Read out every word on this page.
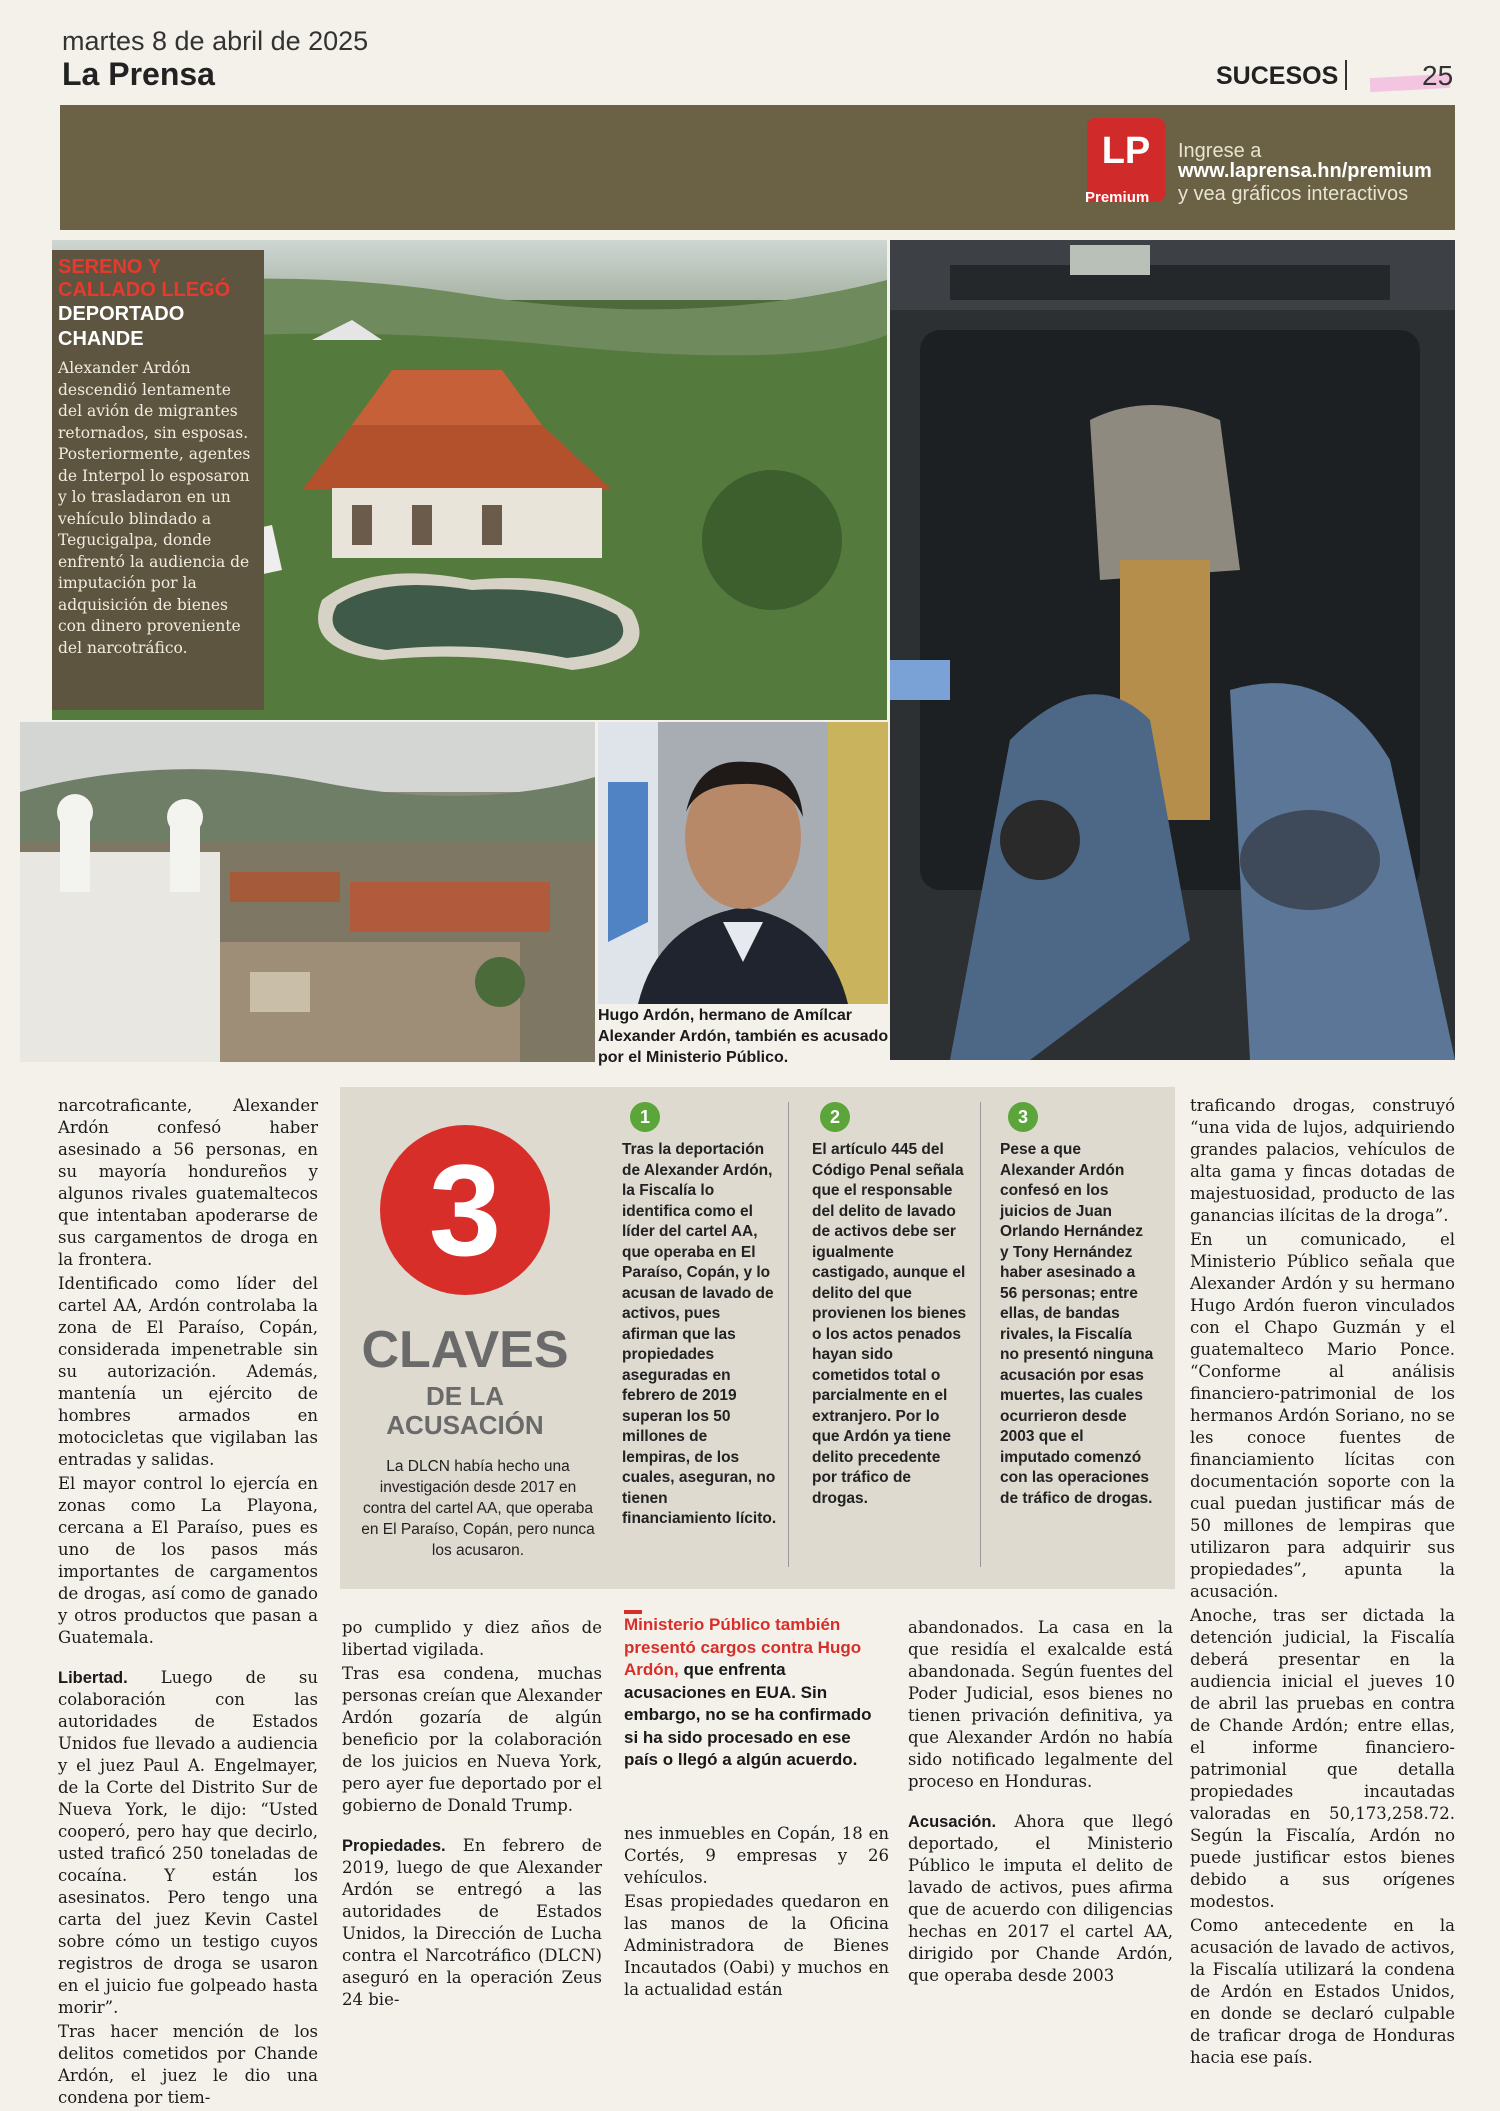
martes 8 de abril de 2025
La Prensa	SUCESOS	25
LP
Premium
Ingrese a
www.laprensa.hn/premium
y vea gráficos interactivos
SERENO Y
CALLADO LLEGÓ
DEPORTADO
CHANDE
Alexander Ardón descendió lentamente del avión de migrantes retornados, sin esposas. Posteriormente, agentes de Interpol lo esposaron y lo trasladaron en un vehículo blindado a Tegucigalpa, donde enfrentó la audiencia de imputación por la adquisición de bienes con dinero proveniente del narcotráfico.
Hugo Ardón, hermano de Amílcar Alexander Ardón, también es acusado por el Ministerio Público.

narcotraficante, Alexander Ardón confesó haber asesinado a 56 personas, en su mayoría hondureños y algunos rivales guatemaltecos que intentaban apoderarse de sus cargamentos de droga en la frontera.

Identificado como líder del cartel AA, Ardón controlaba la zona de El Paraíso, Copán, considerada impenetrable sin su autorización. Además, mantenía un ejército de hombres armados en motocicletas que vigilaban las entradas y salidas.

El mayor control lo ejercía en zonas como La Playona, cercana a El Paraíso, pues es uno de los pasos más importantes de cargamentos de drogas, así como de ganado y otros productos que pasan a Guatemala.

Libertad. Luego de su colaboración con las autoridades de Estados Unidos fue llevado a audiencia y el juez Paul A. Engelmayer, de la Corte del Distrito Sur de Nueva York, le dijo: “Usted cooperó, pero hay que decirlo, usted traficó 250 toneladas de cocaína. Y están los asesinatos. Pero tengo una carta del juez Kevin Castel sobre cómo un testigo cuyos registros de droga se usaron en el juicio fue golpeado hasta morir”.

Tras hacer mención de los delitos cometidos por Chande Ardón, el juez le dio una condena por tiem-

3
CLAVES
DE LA
ACUSACIÓN
La DLCN había hecho una investigación desde 2017 en contra del cartel AA, que operaba en El Paraíso, Copán, pero nunca los acusaron.
1
Tras la deportación de Alexander Ardón, la Fiscalía lo identifica como el líder del cartel AA, que operaba en El Paraíso, Copán, y lo acusan de lavado de activos, pues afirman que las propiedades aseguradas en febrero de 2019 superan los 50 millones de lempiras, de los cuales, aseguran, no tienen financiamiento lícito.
2
El artículo 445 del Código Penal señala que el responsable del delito de lavado de activos debe ser igualmente castigado, aunque el delito del que provienen los bienes o los actos penados hayan sido cometidos total o parcialmente en el extranjero. Por lo que Ardón ya tiene delito precedente por tráfico de drogas.
3
Pese a que Alexander Ardón confesó en los juicios de Juan Orlando Hernández y Tony Hernández haber asesinado a 56 personas; entre ellas, de bandas rivales, la Fiscalía no presentó ninguna acusación por esas muertes, las cuales ocurrieron desde 2003 que el imputado comenzó con las operaciones de tráfico de drogas.

po cumplido y diez años de libertad vigilada.

Tras esa condena, muchas personas creían que Alexander Ardón gozaría de algún beneficio por la colaboración de los juicios en Nueva York, pero ayer fue deportado por el gobierno de Donald Trump.

Propiedades. En febrero de 2019, luego de que Alexander Ardón se entregó a las autoridades de Estados Unidos, la Dirección de Lucha contra el Narcotráfico (DLCN) aseguró en la operación Zeus 24 bie-

Ministerio Público también presentó cargos contra Hugo Ardón, que enfrenta acusaciones en EUA. Sin embargo, no se ha confirmado si ha sido procesado en ese país o llegó a algún acuerdo.

nes inmuebles en Copán, 18 en Cortés, 9 empresas y 26 vehículos.

Esas propiedades quedaron en las manos de la Oficina Administradora de Bienes Incautados (Oabi) y muchos en la actualidad están

abandonados. La casa en la que residía el exalcalde está abandonada. Según fuentes del Poder Judicial, esos bienes no tienen privación definitiva, ya que Alexander Ardón no había sido notificado legalmente del proceso en Honduras.

Acusación. Ahora que llegó deportado, el Ministerio Público le imputa el delito de lavado de activos, pues afirma que de acuerdo con diligencias hechas en 2017 el cartel AA, dirigido por Chande Ardón, que operaba desde 2003

traficando drogas, construyó “una vida de lujos, adquiriendo grandes palacios, vehículos de alta gama y fincas dotadas de majestuosidad, producto de las ganancias ilícitas de la droga”.

En un comunicado, el Ministerio Público señala que Alexander Ardón y su hermano Hugo Ardón fueron vinculados con el Chapo Guzmán y el guatemalteco Mario Ponce. “Conforme al análisis financiero-patrimonial de los hermanos Ardón Soriano, no se les conoce fuentes de financiamiento lícitas con documentación soporte con la cual puedan justificar más de 50 millones de lempiras que utilizaron para adquirir sus propiedades”, apunta la acusación.

Anoche, tras ser dictada la detención judicial, la Fiscalía deberá presentar en la audiencia inicial el jueves 10 de abril las pruebas en contra de Chande Ardón; entre ellas, el informe financiero-patrimonial que detalla propiedades incautadas valoradas en 50,173,258.72. Según la Fiscalía, Ardón no puede justificar estos bienes debido a sus orígenes modestos.

Como antecedente en la acusación de lavado de activos, la Fiscalía utilizará la condena de Ardón en Estados Unidos, en donde se declaró culpable de traficar droga de Honduras hacia ese país.
